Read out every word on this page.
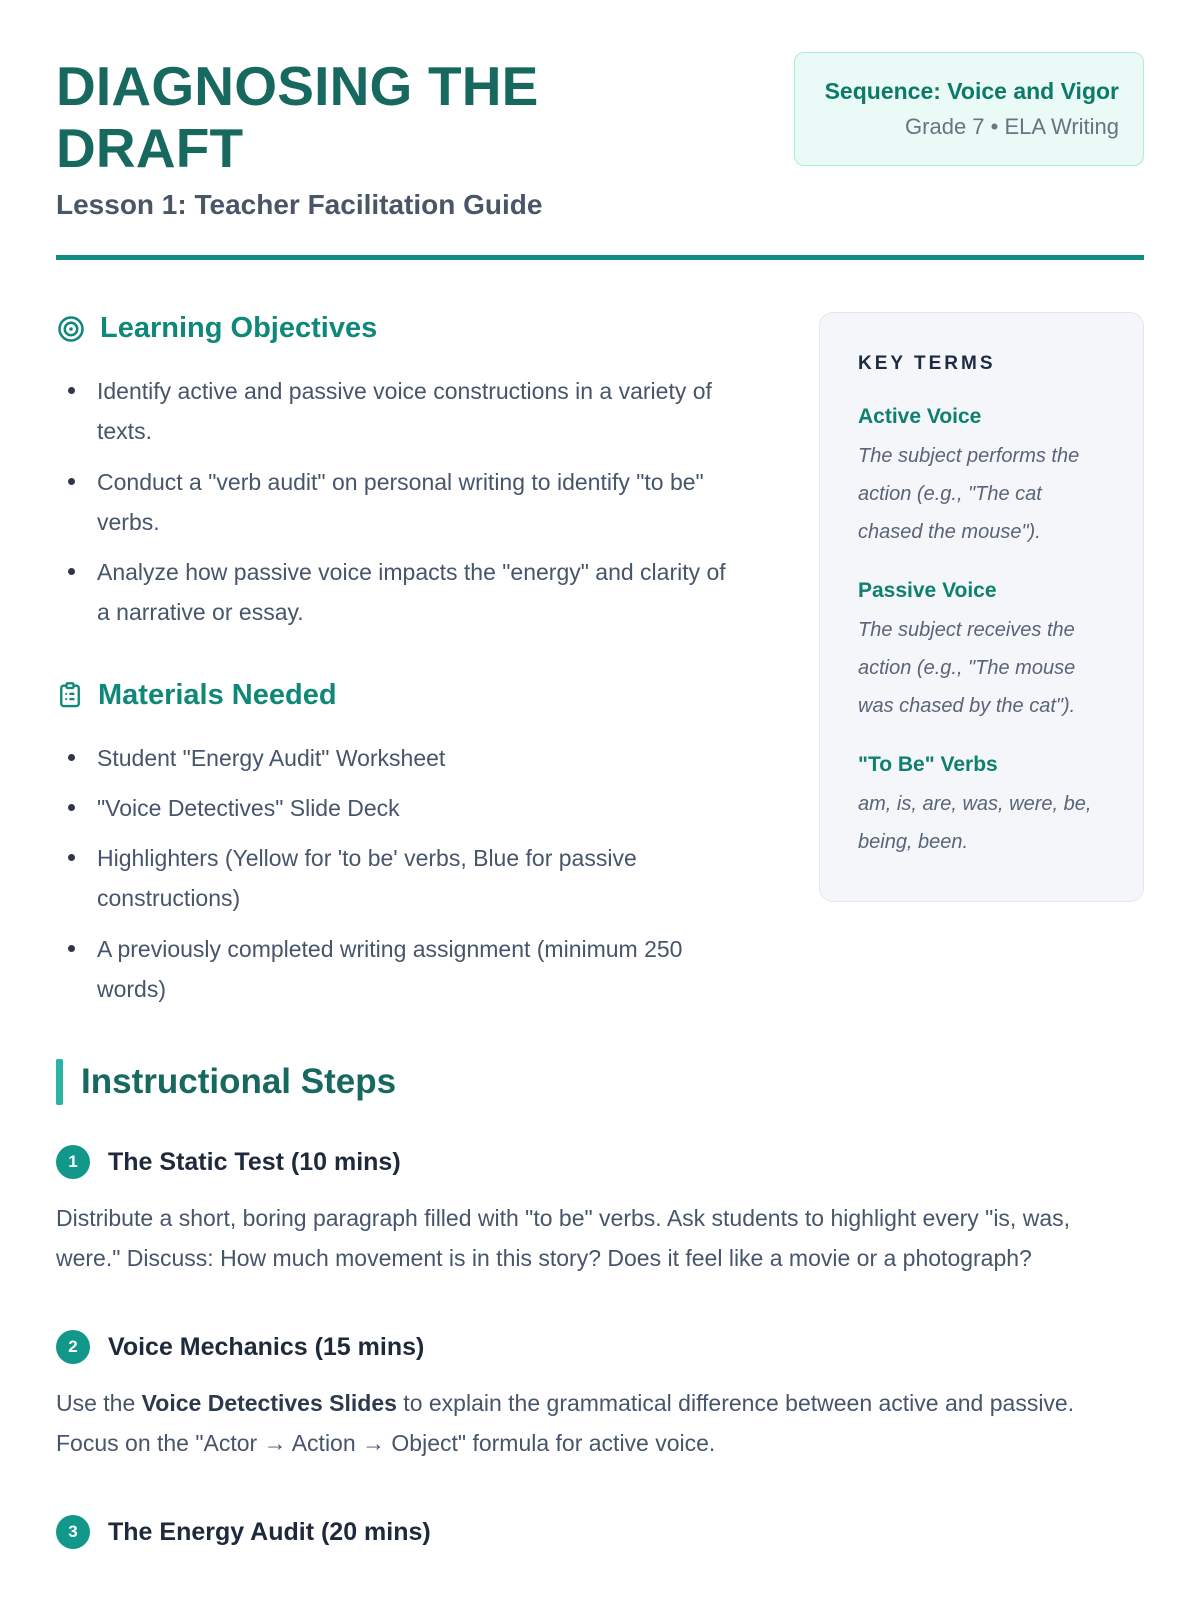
DIAGNOSING THE DRAFT
Lesson 1: Teacher Facilitation Guide
Sequence: Voice and Vigor
Grade 7 • ELA Writing
Learning Objectives
Identify active and passive voice constructions in a variety of texts.
Conduct a "verb audit" on personal writing to identify "to be" verbs.
Analyze how passive voice impacts the "energy" and clarity of a narrative or essay.
Materials Needed
Student "Energy Audit" Worksheet
"Voice Detectives" Slide Deck
Highlighters (Yellow for 'to be' verbs, Blue for passive constructions)
A previously completed writing assignment (minimum 250 words)
KEY TERMS
Active Voice
The subject performs the action (e.g., "The cat chased the mouse").
Passive Voice
The subject receives the action (e.g., "The mouse was chased by the cat").
"To Be" Verbs
am, is, are, was, were, be, being, been.
Instructional Steps
1	The Static Test (10 mins)

Distribute a short, boring paragraph filled with "to be" verbs. Ask students to highlight every "is, was, were." Discuss: How much movement is in this story? Does it feel like a movie or a photograph?

2	Voice Mechanics (15 mins)

Use the Voice Detectives Slides to explain the grammatical difference between active and passive. Focus on the "Actor → Action → Object" formula for active voice.

3	The Energy Audit (20 mins)
